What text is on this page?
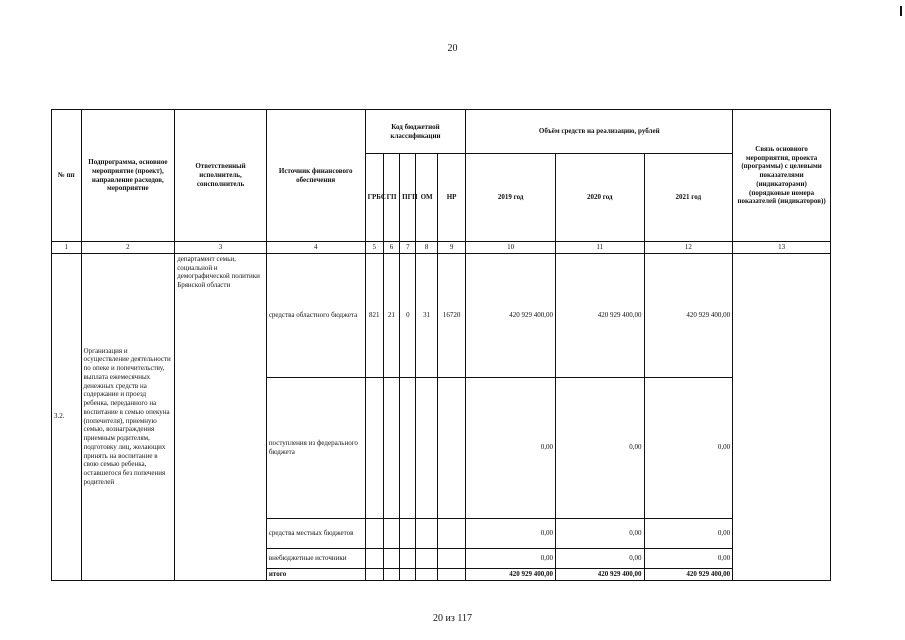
20
№ пп	Подпрограмма, основное мероприятие (проект), направление расходов, мероприятие	Ответственный исполнитель, соисполнитель	Источник финансового обеспечения	Код бюджетной классификации					Объём средств на реализацию, рублей			Связь основного мероприятия, проекта (программы) с целевыми показателями (индикаторами) (порядковые номера показателей (индикаторов))
				ГРБС	ГП	ПГП	ОМ	НР	2019 год	2020 год	2021 год	
1	2	3	4	5	6	7	8	9	10	11	12	13
3.2.	Организация и осуществление деятельности по опеке и попечительству, выплата ежемесячных денежных средств на содержание и проезд ребенка, переданного на воспитание в семью опекуна (попечителя), приемную семью, вознаграждения приемным родителям, подготовку лиц, желающих принять на воспитание в свою семью ребенка, оставшегося без попечения родителей	департамент семьи, социальной и демографической политики Брянской области	средства областного бюджета	821	21	0	31	16720	420 929 400,00	420 929 400,00	420 929 400,00	
			поступления из федерального бюджета						0,00	0,00	0,00	
			средства местных бюджетов						0,00	0,00	0,00	
			внебюджетные источники						0,00	0,00	0,00	
			итого						420 929 400,00	420 929 400,00	420 929 400,00	
20 из 117
